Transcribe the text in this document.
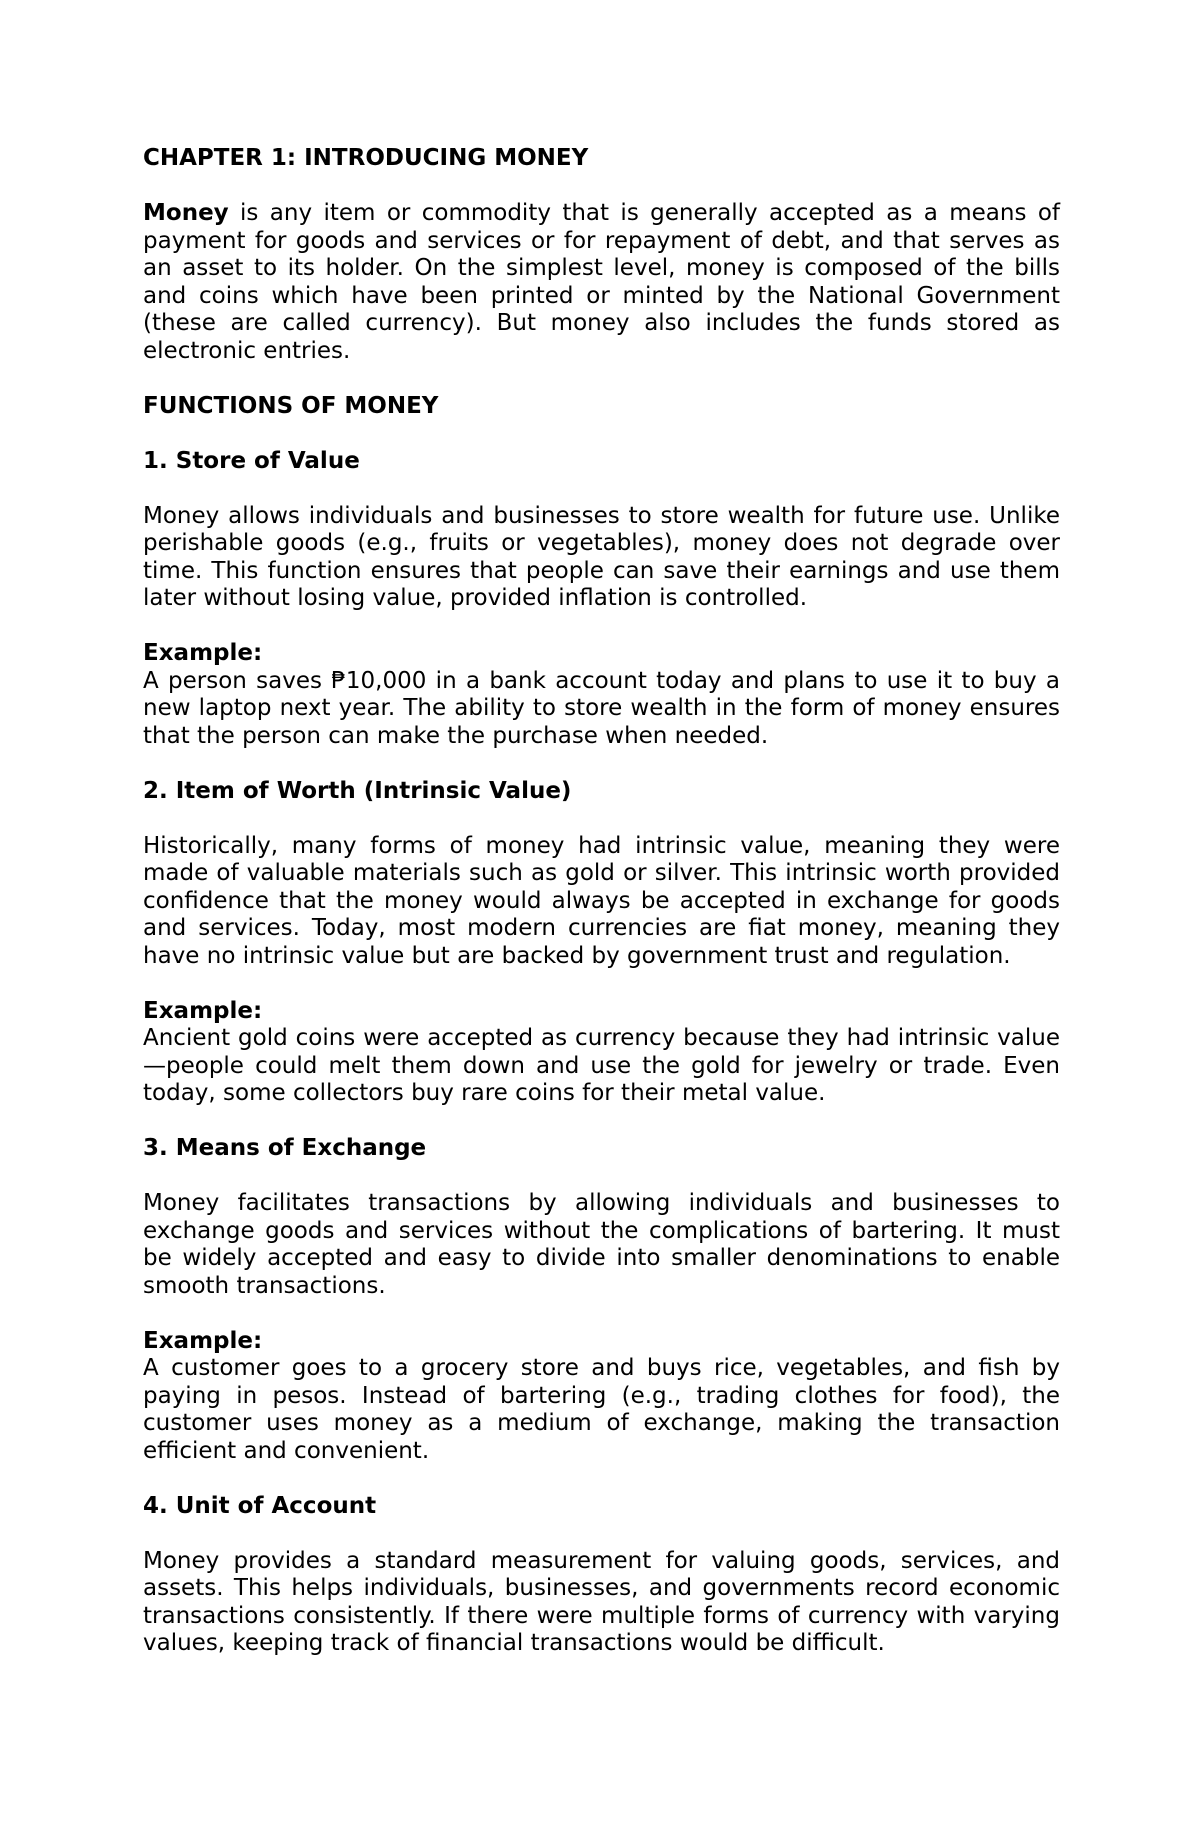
CHAPTER 1: INTRODUCING MONEY

Money is any item or commodity that is generally accepted as a means of payment for goods and services or for repayment of debt, and that serves as an asset to its holder. On the simplest level, money is composed of the bills and coins which have been printed or minted by the National Government (these are called currency). But money also includes the funds stored as electronic entries.

FUNCTIONS OF MONEY

1. Store of Value

Money allows individuals and businesses to store wealth for future use. Unlike perishable goods (e.g., fruits or vegetables), money does not degrade over time. This function ensures that people can save their earnings and use them later without losing value, provided inflation is controlled.

Example:

A person saves ₱10,000 in a bank account today and plans to use it to buy a new laptop next year. The ability to store wealth in the form of money ensures that the person can make the purchase when needed.

2. Item of Worth (Intrinsic Value)

Historically, many forms of money had intrinsic value, meaning they were made of valuable materials such as gold or silver. This intrinsic worth provided confidence that the money would always be accepted in exchange for goods and services. Today, most modern currencies are fiat money, meaning they have no intrinsic value but are backed by government trust and regulation.

Example:

Ancient gold coins were accepted as currency because they had intrinsic value—people could melt them down and use the gold for jewelry or trade. Even today, some collectors buy rare coins for their metal value.

3. Means of Exchange

Money facilitates transactions by allowing individuals and businesses to exchange goods and services without the complications of bartering. It must be widely accepted and easy to divide into smaller denominations to enable smooth transactions.

Example:

A customer goes to a grocery store and buys rice, vegetables, and fish by paying in pesos. Instead of bartering (e.g., trading clothes for food), the customer uses money as a medium of exchange, making the transaction efficient and convenient.

4. Unit of Account

Money provides a standard measurement for valuing goods, services, and assets. This helps individuals, businesses, and governments record economic transactions consistently. If there were multiple forms of currency with varying values, keeping track of financial transactions would be difficult.
